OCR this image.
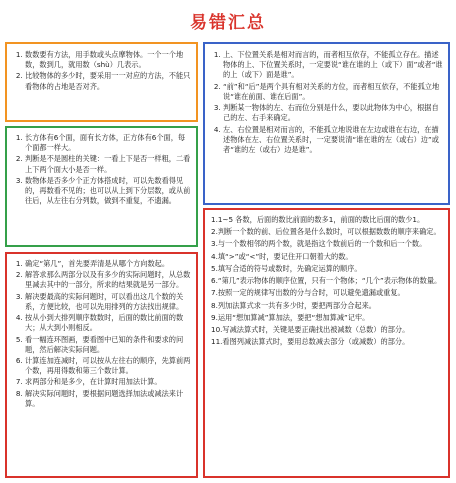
易错汇总
1. 数数要有方法，用手数或头点摩物体。一个一个地数，数到几，就用数（shù）几表示。
2. 比较物体的多少时，要采用一一对应的方法，不能只看物体的占地是否对齐。
1. 上、下位置关系是相对而言的，而者相互依存，不能孤立存在。描述物体的上、下位置关系时，一定要说“谁在谁的上（或下）面”或者“谁的上（或下）面是谁”。
2. “前”和“后”是两个具有相对关系的方位，而者相互依存，不能孤立地说“谁在前面、谁在后面”。
3. 判断某一物体的左、右而位分别是什么，要以此物体为中心，根据自己的左、右手来确定。
4. 左、右位置是相对而言的，不能孤立地说谁在左边或谁在右边，在描述物体在左、右位置关系时，一定要说清“谁在谁的左（或右）边”或者“谁的左（或右）边是谁”。
1. 长方体有6个面，面有长方体，正方体有6个面，每个面都一样大。
2. 判断是不是圆柱的关键：一看上下是否一样粗，二看上下两个面大小是否一样。
3. 数物体是否多少个正方体搭成时，可以先数看得见的，再数看不见的；也可以从上到下分层数，或从前往后，从左往右分列数，做到不重复，不遗漏。
1. 确定“第几”，首先要弄清是从哪个方向数起。
2. 解答求那么两部分以及有多少的实际问题时，从总数里减去其中的一部分，所求的结果就是另一部分。
3. 解决要最高的实际问题时，可以看出这几个数的关系，方便比较，也可以先用排列的方法找出规律。
4. 按从小到大排列顺序数数时，后面的数比前面的数大；从大到小则相反。
5. 看一幅连环图画，要看图中已知的条件和要求的问题，然后解决实际问题。
6. 计算连加连减时，可以按从左往右的顺序，先算前两个数，再用得数和第三个数计算。
7. 求两部分和是多少，在计算时用加法计算。
8. 解决实际问题时，要根据问题选择加法或减法来计算。

1.1~5 各数，后面的数比前面的数多1，前面的数比后面的数少1。

2.判断一个数的前、后位置各是什么数时，可以根据数数的顺序来确定。

3.与一个数相邻的两个数，就是指这个数前后的一个数和后一个数。

4.填“>”或“<”时，要记住开口朝着大的数。

5.填写合适的符号或数时，先确定运算的顺序。

6.“第几”表示物体的顺序位置，只有一个物体；“几个”表示物体的数量。

7.按照一定的规律写出数的分与合时，可以避免遗漏或重复。

8.列加法算式求一共有多少时，要把两部分合起来。

9.运用“想加算减”算加法，要把“想加算减”记牢。

10.写减法算式时，关键是要正确找出被减数（总数）的部分。

11.看图列减法算式时，要用总数减去部分（或减数）的部分。
